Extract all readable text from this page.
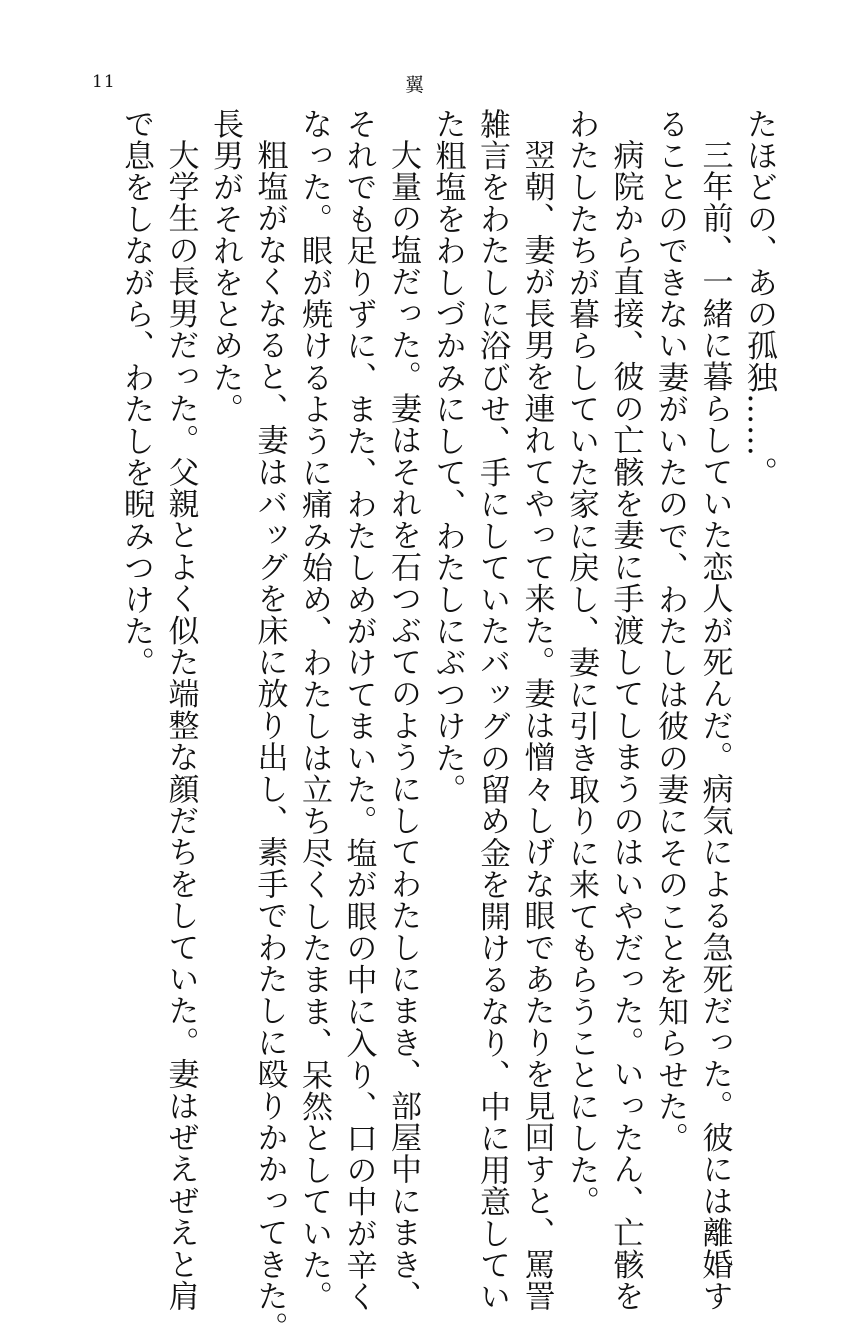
11	翼
たほどの、あの孤独……。
三年前、一緒に暮らしていた恋人が死んだ。病気による急死だった。彼には離婚す
ることのできない妻がいたので、わたしは彼の妻にそのことを知らせた。
病院から直接、彼の亡骸を妻に手渡してしまうのはいやだった。いったん、亡骸を
わたしたちが暮らしていた家に戻し、妻に引き取りに来てもらうことにした。
翌朝、妻が長男を連れてやって来た。妻は憎々しげな眼であたりを見回すと、罵詈
雑言をわたしに浴びせ、手にしていたバッグの留め金を開けるなり、中に用意してい
た粗塩をわしづかみにして、わたしにぶつけた。
大量の塩だった。妻はそれを石つぶてのようにしてわたしにまき、部屋中にまき、
それでも足りずに、また、わたしめがけてまいた。塩が眼の中に入り、口の中が辛く
なった。眼が焼けるように痛み始め、わたしは立ち尽くしたまま、呆然としていた。
粗塩がなくなると、妻はバッグを床に放り出し、素手でわたしに殴りかかってきた。
長男がそれをとめた。
大学生の長男だった。父親とよく似た端整な顔だちをしていた。妻はぜえぜえと肩
で息をしながら、わたしを睨みつけた。
